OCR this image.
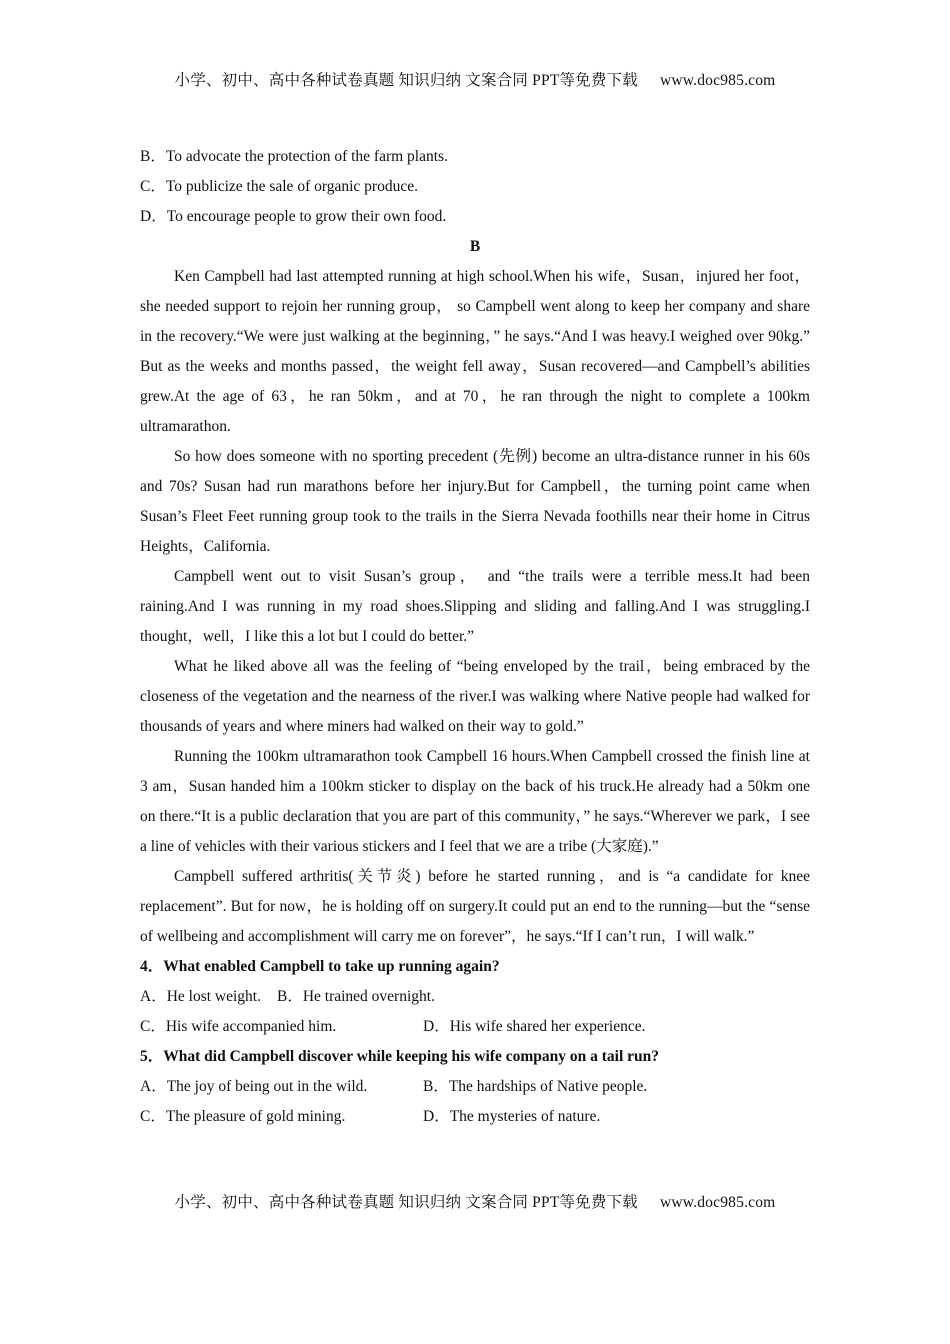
小学、初中、高中各种试卷真题 知识归纳 文案合同 PPT等免费下载 www.doc985.com
B．To advocate the protection of the farm plants.
C．To publicize the sale of organic produce.
D．To encourage people to grow their own food.
B

Ken Campbell had last attempted running at high school.When his wife，Susan，injured her foot， she needed support to rejoin her running group， so Campbell went along to keep her company and share in the recovery.“We were just walking at the beginning，” he says.“And I was heavy.I weighed over 90kg.” But as the weeks and months passed，the weight fell away，Susan recovered—and Campbell’s abilities grew.At the age of 63，he ran 50km，and at 70，he ran through the night to complete a 100km ultramarathon.

So how does someone with no sporting precedent (先例) become an ultra-distance runner in his 60s and 70s? Susan had run marathons before her injury.But for Campbell，the turning point came when Susan’s Fleet Feet running group took to the trails in the Sierra Nevada foothills near their home in Citrus Heights，California.

Campbell went out to visit Susan’s group， and “the trails were a terrible mess.It had been raining.And I was running in my road shoes.Slipping and sliding and falling.And I was struggling.I thought，well，I like this a lot but I could do better.”

What he liked above all was the feeling of “being enveloped by the trail，being embraced by the closeness of the vegetation and the nearness of the river.I was walking where Native people had walked for thousands of years and where miners had walked on their way to gold.”

Running the 100km ultramarathon took Campbell 16 hours.When Campbell crossed the finish line at 3 am，Susan handed him a 100km sticker to display on the back of his truck.He already had a 50km one on there.“It is a public declaration that you are part of this community，” he says.“Wherever we park，I see a line of vehicles with their various stickers and I feel that we are a tribe (大家庭).”

Campbell suffered arthritis(关节炎) before he started running，and is “a candidate for knee replacement”. But for now，he is holding off on surgery.It could put an end to the running—but the “sense of wellbeing and accomplishment will carry me on forever”，he says.“If I can’t run，I will walk.”

4．What enabled Campbell to take up running again?

A．He lost weight. B．He trained overnight.
C．His wife accompanied him.	D．His wife shared her experience.

5．What did Campbell discover while keeping his wife company on a tail run?

A．The joy of being out in the wild.	B．The hardships of Native people.
C．The pleasure of gold mining.	D．The mysteries of nature.
小学、初中、高中各种试卷真题 知识归纳 文案合同 PPT等免费下载 www.doc985.com
